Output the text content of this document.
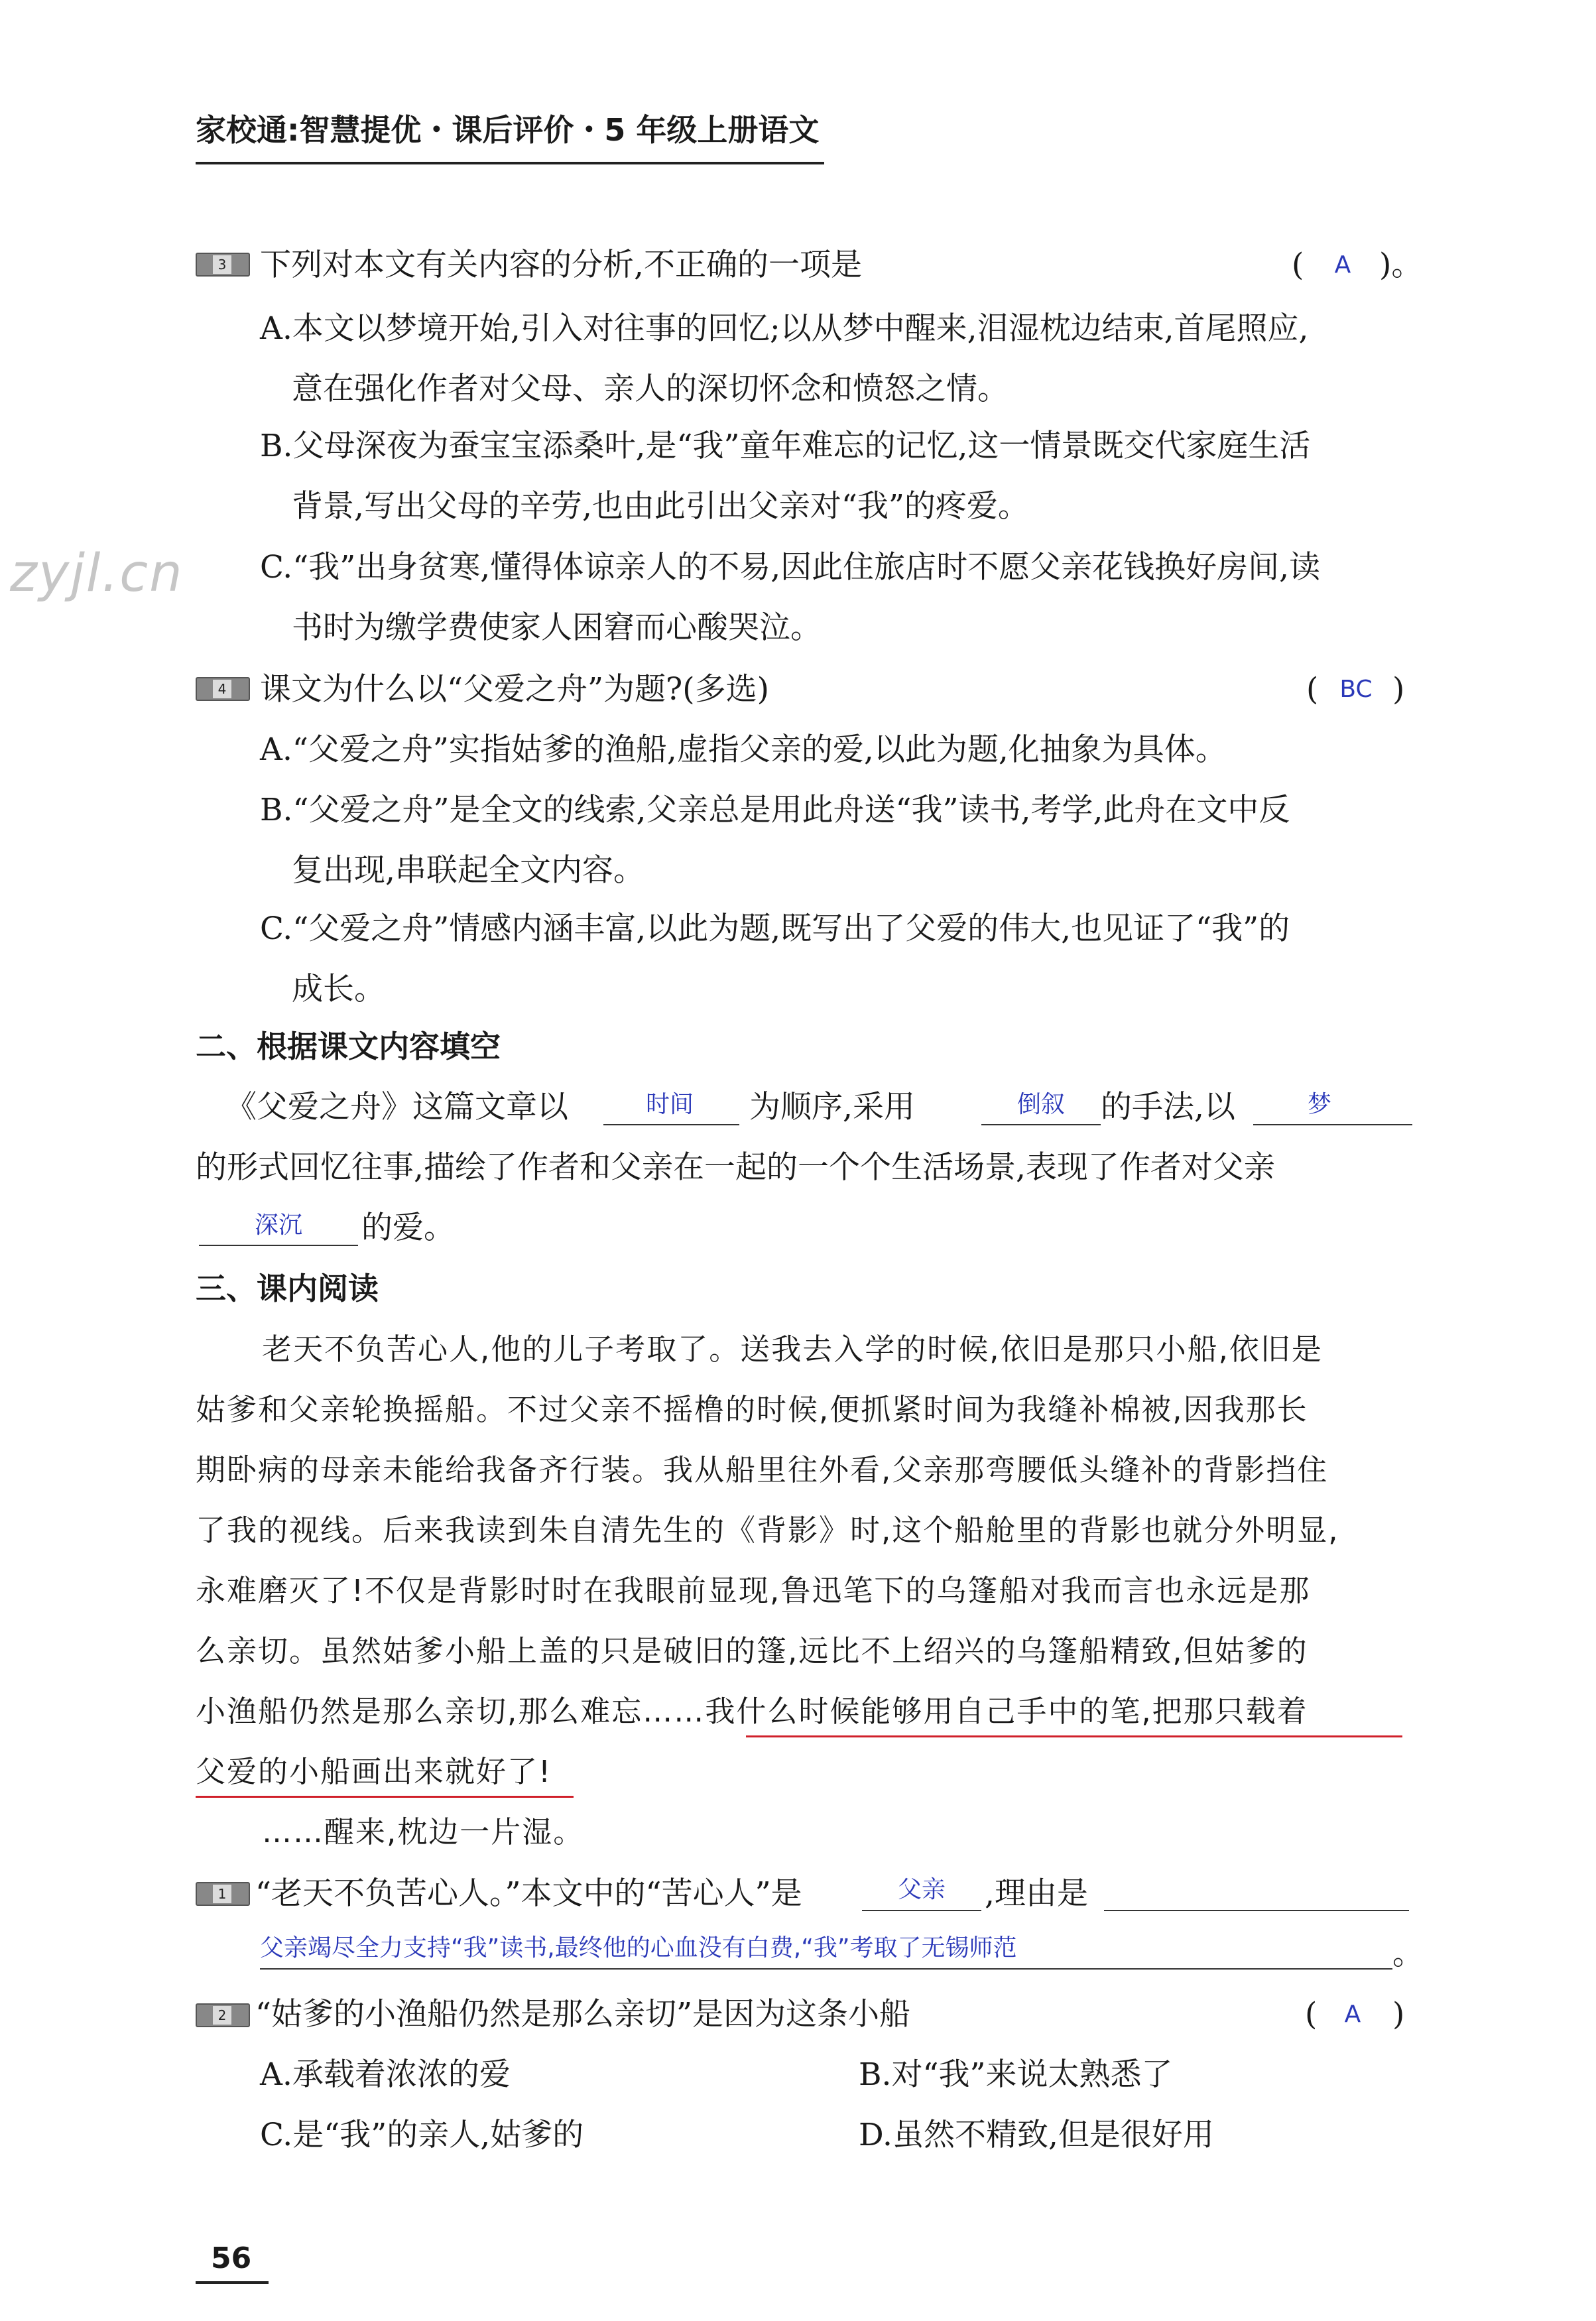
家校通:智慧提优・课后评价・5 年级上册语文
zyjl.cn
3 下列对本文有关内容的分析,不正确的一项是	(	A )。
A.本文以梦境开始,引入对往事的回忆;以从梦中醒来,泪湿枕边结束,首尾照应,
意在强化作者对父母、亲人的深切怀念和愤怒之情。
B.父母深夜为蚕宝宝添桑叶,是“我”童年难忘的记忆,这一情景既交代家庭生活
背景,写出父母的辛劳,也由此引出父亲对“我”的疼爱。
C.“我”出身贫寒,懂得体谅亲人的不易,因此住旅店时不愿父亲花钱换好房间,读
书时为缴学费使家人困窘而心酸哭泣。
4 课文为什么以“父爱之舟”为题?(多选)	( BC )
A.“父爱之舟”实指姑爹的渔船,虚指父亲的爱,以此为题,化抽象为具体。
B.“父爱之舟”是全文的线索,父亲总是用此舟送“我”读书,考学,此舟在文中反
复出现,串联起全文内容。
C.“父爱之舟”情感内涵丰富,以此为题,既写出了父爱的伟大,也见证了“我”的
成长。
二、根据课文内容填空
《父爱之舟》这篇文章以	时间	为顺序,采用	倒叙	的手法,以	梦
的形式回忆往事,描绘了作者和父亲在一起的一个个生活场景,表现了作者对父亲
深沉	的爱。
三、课内阅读
老天不负苦心人,他的儿子考取了。送我去入学的时候,依旧是那只小船,依旧是
姑爹和父亲轮换摇船。不过父亲不摇橹的时候,便抓紧时间为我缝补棉被,因我那长
期卧病的母亲未能给我备齐行装。我从船里往外看,父亲那弯腰低头缝补的背影挡住
了我的视线。后来我读到朱自清先生的《背影》时,这个船舱里的背影也就分外明显,
永难磨灭了!不仅是背影时时在我眼前显现,鲁迅笔下的乌篷船对我而言也永远是那
么亲切。虽然姑爹小船上盖的只是破旧的篷,远比不上绍兴的乌篷船精致,但姑爹的
小渔船仍然是那么亲切,那么难忘……我什么时候能够用自己手中的笔,把那只载着
父爱的小船画出来就好了!
……醒来,枕边一片湿。
1 “老天不负苦心人。”本文中的“苦心人”是	父亲	,理由是
父亲竭尽全力支持“我”读书,最终他的心血没有白费,“我”考取了无锡师范	。
2 “姑爹的小渔船仍然是那么亲切”是因为这条小船	(	A	)
A.承载着浓浓的爱	B.对“我”来说太熟悉了
C.是“我”的亲人,姑爹的	D.虽然不精致,但是很好用
56
